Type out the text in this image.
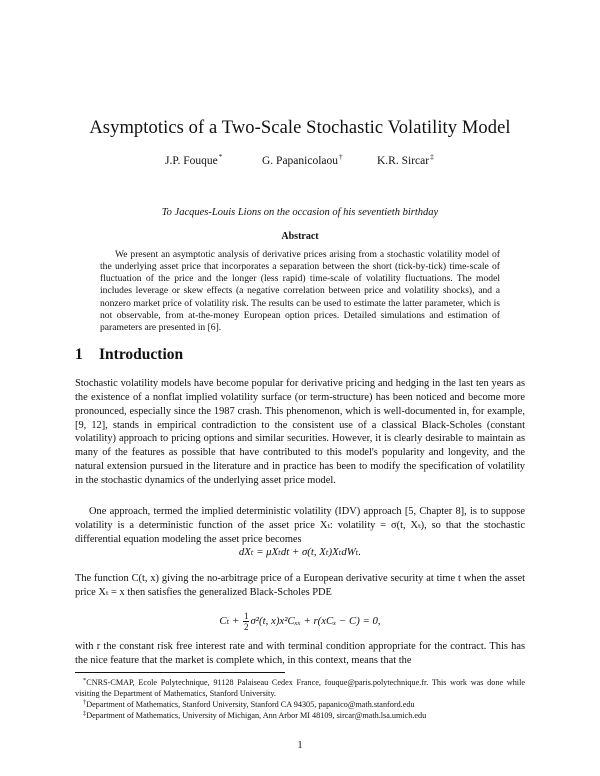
Asymptotics of a Two-Scale Stochastic Volatility Model
J.P. Fouque*	G. Papanicolaou†	K.R. Sircar‡
To Jacques-Louis Lions on the occasion of his seventieth birthday
Abstract

We present an asymptotic analysis of derivative prices arising from a stochastic volatility model of the underlying asset price that incorporates a separation between the short (tick-by-tick) time-scale of fluctuation of the price and the longer (less rapid) time-scale of volatility fluctuations. The model includes leverage or skew effects (a negative correlation between price and volatility shocks), and a nonzero market price of volatility risk. The results can be used to estimate the latter parameter, which is not observable, from at-the-money European option prices. Detailed simulations and estimation of parameters are presented in [6].

1 Introduction

Stochastic volatility models have become popular for derivative pricing and hedging in the last ten years as the existence of a nonflat implied volatility surface (or term-structure) has been noticed and become more pronounced, especially since the 1987 crash. This phenomenon, which is well-documented in, for example, [9, 12], stands in empirical contradiction to the consistent use of a classical Black-Scholes (constant volatility) approach to pricing options and similar securities. However, it is clearly desirable to maintain as many of the features as possible that have contributed to this model's popularity and longevity, and the natural extension pursued in the literature and in practice has been to modify the specification of volatility in the stochastic dynamics of the underlying asset price model.

One approach, termed the implied deterministic volatility (IDV) approach [5, Chapter 8], is to suppose volatility is a deterministic function of the asset price Xₜ: volatility = σ(t, Xₜ), so that the stochastic differential equation modeling the asset price becomes

dXₜ = μXₜdt + σ(t, Xₜ)XₜdWₜ.

The function C(t, x) giving the no-arbitrage price of a European derivative security at time t when the asset price Xₜ = x then satisfies the generalized Black-Scholes PDE

$C_t + \frac{1}{2} \sigma^2(t$, x)x²Cₓₓ + r(xCₓ − C) = 0,

with r the constant risk free interest rate and with terminal condition appropriate for the contract. This has the nice feature that the market is complete which, in this context, means that the

*CNRS-CMAP, Ecole Polytechnique, 91128 Palaiseau Cedex France, fouque@paris.polytechnique.fr. This work was done while visiting the Department of Mathematics, Stanford University.

†Department of Mathematics, Stanford University, Stanford CA 94305, papanico@math.stanford.edu

‡Department of Mathematics, University of Michigan, Ann Arbor MI 48109, sircar@math.lsa.umich.edu

1
